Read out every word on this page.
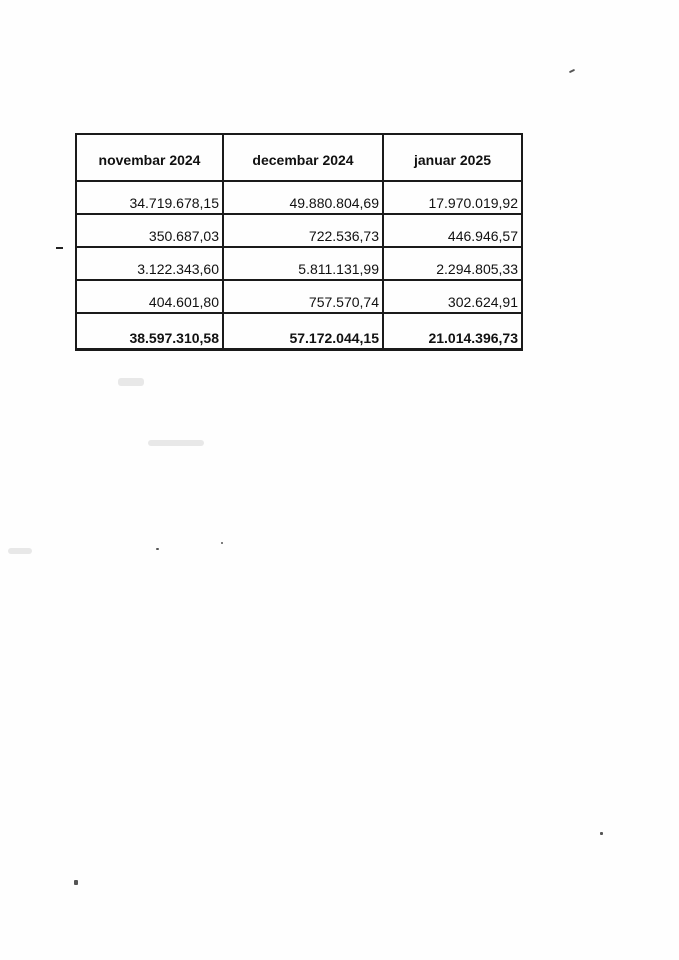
novembar 2024	decembar 2024	januar 2025
34.719.678,15	49.880.804,69	17.970.019,92
350.687,03	722.536,73	446.946,57
3.122.343,60	5.811.131,99	2.294.805,33
404.601,80	757.570,74	302.624,91
38.597.310,58	57.172.044,15	21.014.396,73
